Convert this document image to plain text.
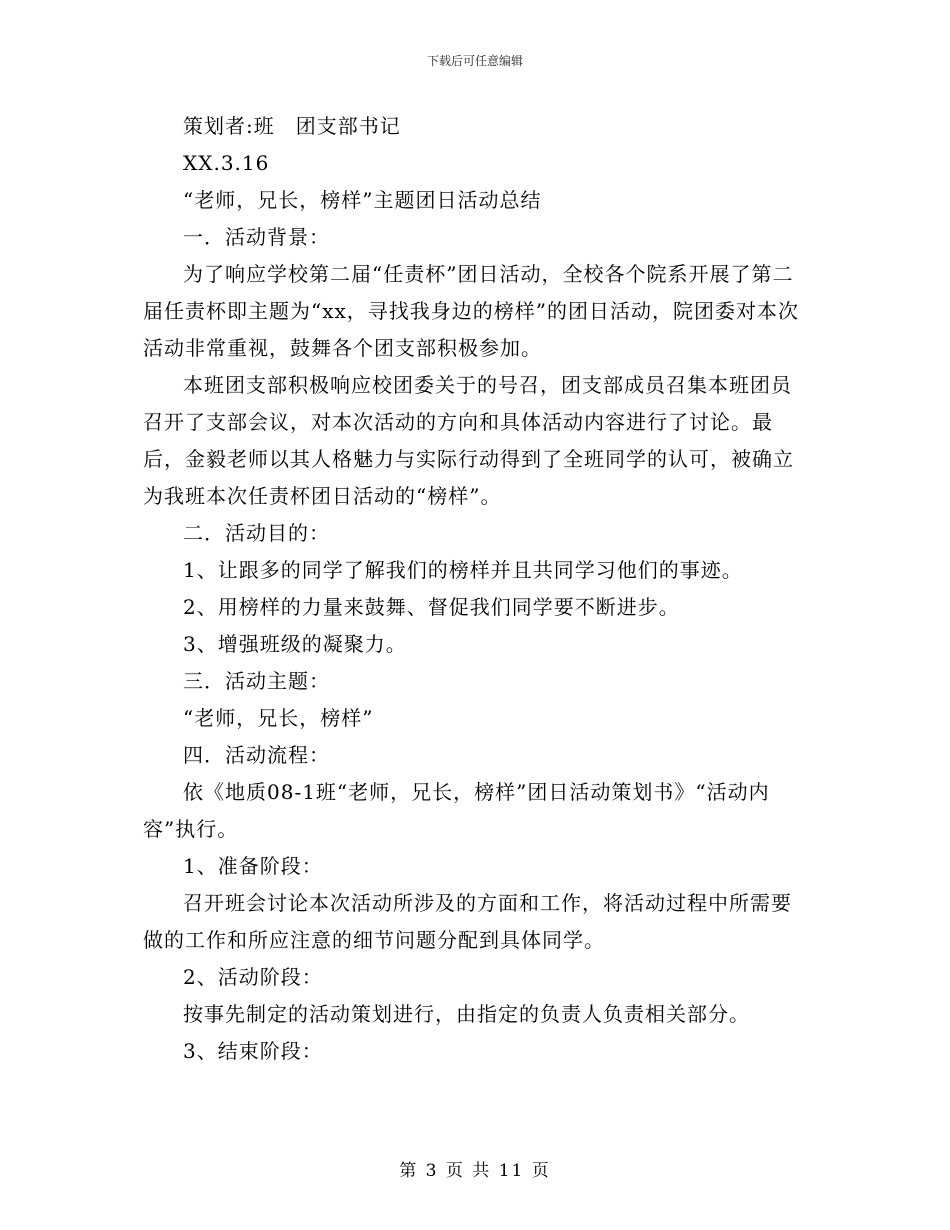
下载后可任意编辑

策划者:班　团支部书记

XX.3.16

“老师，兄长，榜样”主题团日活动总结

一．活动背景：

为了响应学校第二届“任责杯”团日活动，全校各个院系开展了第二届任责杯即主题为“xx，寻找我身边的榜样”的团日活动，院团委对本次活动非常重视，鼓舞各个团支部积极参加。

本班团支部积极响应校团委关于的号召，团支部成员召集本班团员召开了支部会议，对本次活动的方向和具体活动内容进行了讨论。最后，金毅老师以其人格魅力与实际行动得到了全班同学的认可，被确立为我班本次任责杯团日活动的“榜样”。

二．活动目的：

1、让跟多的同学了解我们的榜样并且共同学习他们的事迹。

2、用榜样的力量来鼓舞、督促我们同学要不断进步。

3、增强班级的凝聚力。

三．活动主题：

“老师，兄长，榜样”

四．活动流程：

依《地质08-1班“老师，兄长，榜样”团日活动策划书》“活动内容”执行。

1、准备阶段：

召开班会讨论本次活动所涉及的方面和工作，将活动过程中所需要做的工作和所应注意的细节问题分配到具体同学。

2、活动阶段：

按事先制定的活动策划进行，由指定的负责人负责相关部分。

3、结束阶段：

第 3 页 共 11 页
